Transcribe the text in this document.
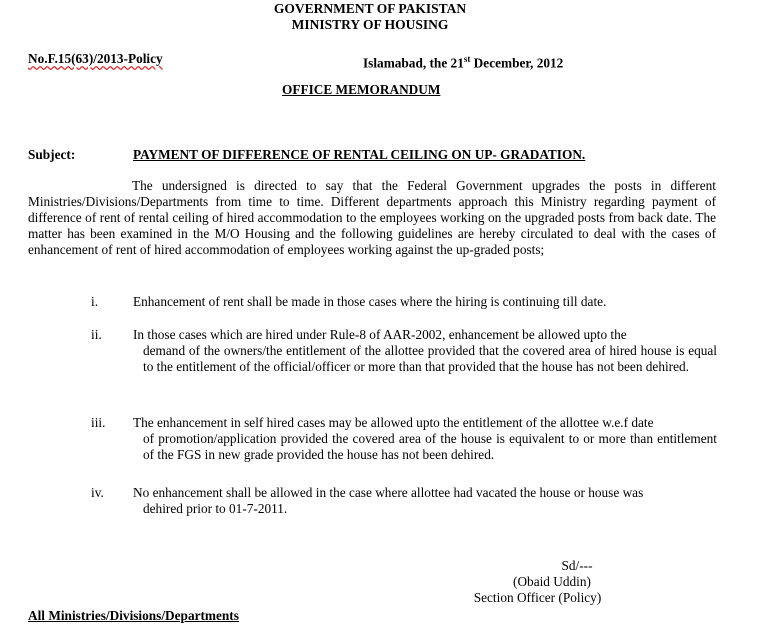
GOVERNMENT OF PAKISTAN
MINISTRY OF HOUSING
No.F.15(63)/2013-Policy	Islamabad, the 21st December, 2012
OFFICE MEMORANDUM
Subject:	PAYMENT OF DIFFERENCE OF RENTAL CEILING ON UP- GRADATION.
The undersigned is directed to say that the Federal Government upgrades the posts in different Ministries/Divisions/Departments from time to time. Different departments approach this Ministry regarding payment of difference of rent of rental ceiling of hired accommodation to the employees working on the upgraded posts from back date. The matter has been examined in the M/O Housing and the following guidelines are hereby circulated to deal with the cases of enhancement of rent of hired accommodation of employees working against the up-graded posts;
i.	Enhancement of rent shall be made in those cases where the hiring is continuing till date.
ii.	In those cases which are hired under Rule-8 of AAR-2002, enhancement be allowed upto the
demand of the owners/the entitlement of the allottee provided that the covered area of hired house is equal to the entitlement of the official/officer or more than that provided that the house has not been dehired.
iii.	The enhancement in self hired cases may be allowed upto the entitlement of the allottee w.e.f date
of promotion/application provided the covered area of the house is equivalent to or more than entitlement of the FGS in new grade provided the house has not been dehired.
iv.	No enhancement shall be allowed in the case where allottee had vacated the house or house was
dehired prior to 01-7-2011.
Sd/---
(Obaid Uddin)
Section Officer (Policy)
All Ministries/Divisions/Departments
